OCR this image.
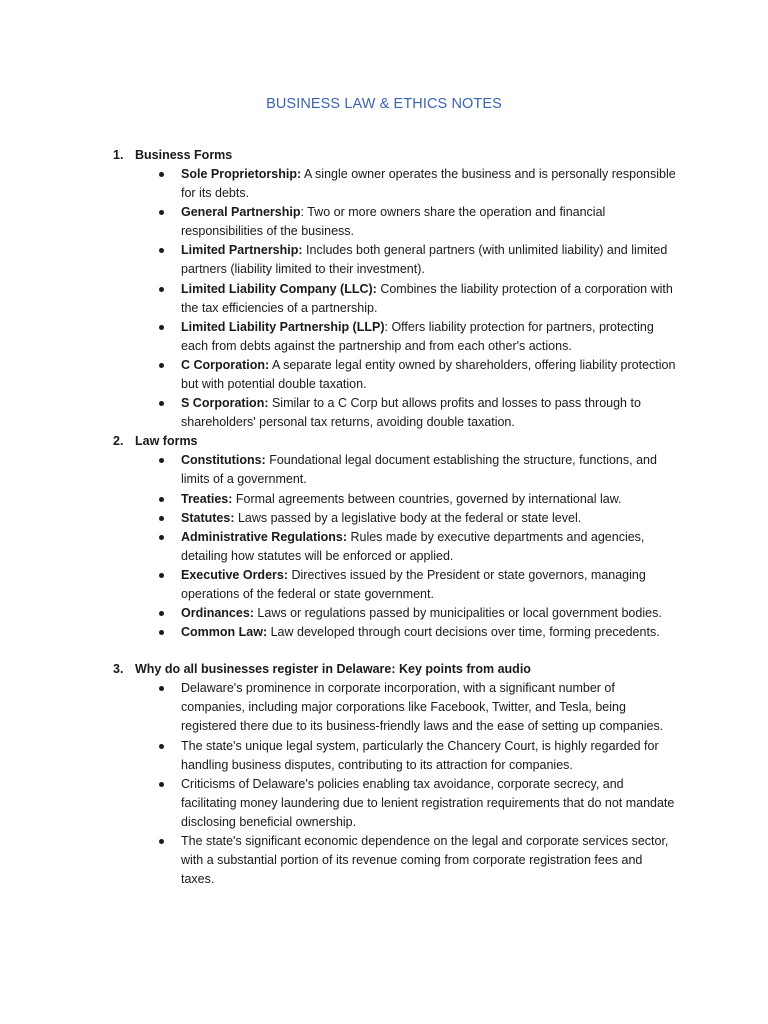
BUSINESS LAW & ETHICS NOTES
1. Business Forms
Sole Proprietorship: A single owner operates the business and is personally responsible for its debts.
General Partnership: Two or more owners share the operation and financial responsibilities of the business.
Limited Partnership: Includes both general partners (with unlimited liability) and limited partners (liability limited to their investment).
Limited Liability Company (LLC): Combines the liability protection of a corporation with the tax efficiencies of a partnership.
Limited Liability Partnership (LLP): Offers liability protection for partners, protecting each from debts against the partnership and from each other's actions.
C Corporation: A separate legal entity owned by shareholders, offering liability protection but with potential double taxation.
S Corporation: Similar to a C Corp but allows profits and losses to pass through to shareholders' personal tax returns, avoiding double taxation.
2. Law forms
Constitutions: Foundational legal document establishing the structure, functions, and limits of a government.
Treaties: Formal agreements between countries, governed by international law.
Statutes: Laws passed by a legislative body at the federal or state level.
Administrative Regulations: Rules made by executive departments and agencies, detailing how statutes will be enforced or applied.
Executive Orders: Directives issued by the President or state governors, managing operations of the federal or state government.
Ordinances: Laws or regulations passed by municipalities or local government bodies.
Common Law: Law developed through court decisions over time, forming precedents.
3. Why do all businesses register in Delaware: Key points from audio
Delaware's prominence in corporate incorporation, with a significant number of companies, including major corporations like Facebook, Twitter, and Tesla, being registered there due to its business-friendly laws and the ease of setting up companies.
The state's unique legal system, particularly the Chancery Court, is highly regarded for handling business disputes, contributing to its attraction for companies.
Criticisms of Delaware's policies enabling tax avoidance, corporate secrecy, and facilitating money laundering due to lenient registration requirements that do not mandate disclosing beneficial ownership.
The state's significant economic dependence on the legal and corporate services sector, with a substantial portion of its revenue coming from corporate registration fees and taxes.
